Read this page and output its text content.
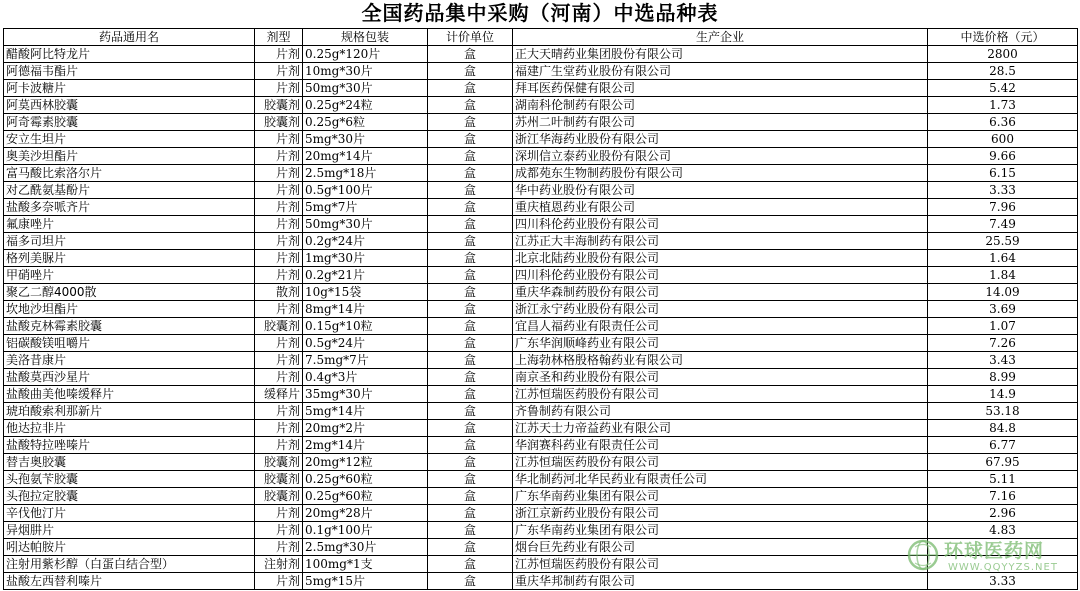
全国药品集中采购（河南）中选品种表
药品通用名	剂型	规格包装	计价单位	生产企业	中选价格（元）
醋酸阿比特龙片	片剂	0.25g*120片	盒	正大天晴药业集团股份有限公司	2800
阿德福韦酯片	片剂	10mg*30片	盒	福建广生堂药业股份有限公司	28.5
阿卡波糖片	片剂	50mg*30片	盒	拜耳医药保健有限公司	5.42
阿莫西林胶囊	胶囊剂	0.25g*24粒	盒	湖南科伦制药有限公司	1.73
阿奇霉素胶囊	胶囊剂	0.25g*6粒	盒	苏州二叶制药有限公司	6.36
安立生坦片	片剂	5mg*30片	盒	浙江华海药业股份有限公司	600
奥美沙坦酯片	片剂	20mg*14片	盒	深圳信立泰药业股份有限公司	9.66
富马酸比索洛尔片	片剂	2.5mg*18片	盒	成都苑东生物制药股份有限公司	6.15
对乙酰氨基酚片	片剂	0.5g*100片	盒	华中药业股份有限公司	3.33
盐酸多奈哌齐片	片剂	5mg*7片	盒	重庆植恩药业有限公司	7.96
氟康唑片	片剂	50mg*30片	盒	四川科伦药业股份有限公司	7.49
福多司坦片	片剂	0.2g*24片	盒	江苏正大丰海制药有限公司	25.59
格列美脲片	片剂	1mg*30片	盒	北京北陆药业股份有限公司	1.64
甲硝唑片	片剂	0.2g*21片	盒	四川科伦药业股份有限公司	1.84
聚乙二醇4000散	散剂	10g*15袋	盒	重庆华森制药股份有限公司	14.09
坎地沙坦酯片	片剂	8mg*14片	盒	浙江永宁药业股份有限公司	3.69
盐酸克林霉素胶囊	胶囊剂	0.15g*10粒	盒	宜昌人福药业有限责任公司	1.07
铝碳酸镁咀嚼片	片剂	0.5g*24片	盒	广东华润顺峰药业有限公司	7.26
美洛昔康片	片剂	7.5mg*7片	盒	上海勃林格殷格翰药业有限公司	3.43
盐酸莫西沙星片	片剂	0.4g*3片	盒	南京圣和药业股份有限公司	8.99
盐酸曲美他嗪缓释片	缓释片	35mg*30片	盒	江苏恒瑞医药股份有限公司	14.9
琥珀酸索利那新片	片剂	5mg*14片	盒	齐鲁制药有限公司	53.18
他达拉非片	片剂	20mg*2片	盒	江苏天士力帝益药业有限公司	84.8
盐酸特拉唑嗪片	片剂	2mg*14片	盒	华润赛科药业有限责任公司	6.77
替吉奥胶囊	胶囊剂	20mg*12粒	盒	江苏恒瑞医药股份有限公司	67.95
头孢氨苄胶囊	胶囊剂	0.25g*60粒	盒	华北制药河北华民药业有限责任公司	5.11
头孢拉定胶囊	胶囊剂	0.25g*60粒	盒	广东华南药业集团有限公司	7.16
辛伐他汀片	片剂	20mg*28片	盒	浙江京新药业股份有限公司	2.96
异烟肼片	片剂	0.1g*100片	盒	广东华南药业集团有限公司	4.83
吲达帕胺片	片剂	2.5mg*30片	盒	烟台巨先药业有限公司	
注射用紫杉醇（白蛋白结合型）	注射剂	100mg*1支	盒	江苏恒瑞医药股份有限公司	
盐酸左西替利嗪片	片剂	5mg*15片	盒	重庆华邦制药有限公司	3.33
环球医药网
WWW.QQYYZS.NET
